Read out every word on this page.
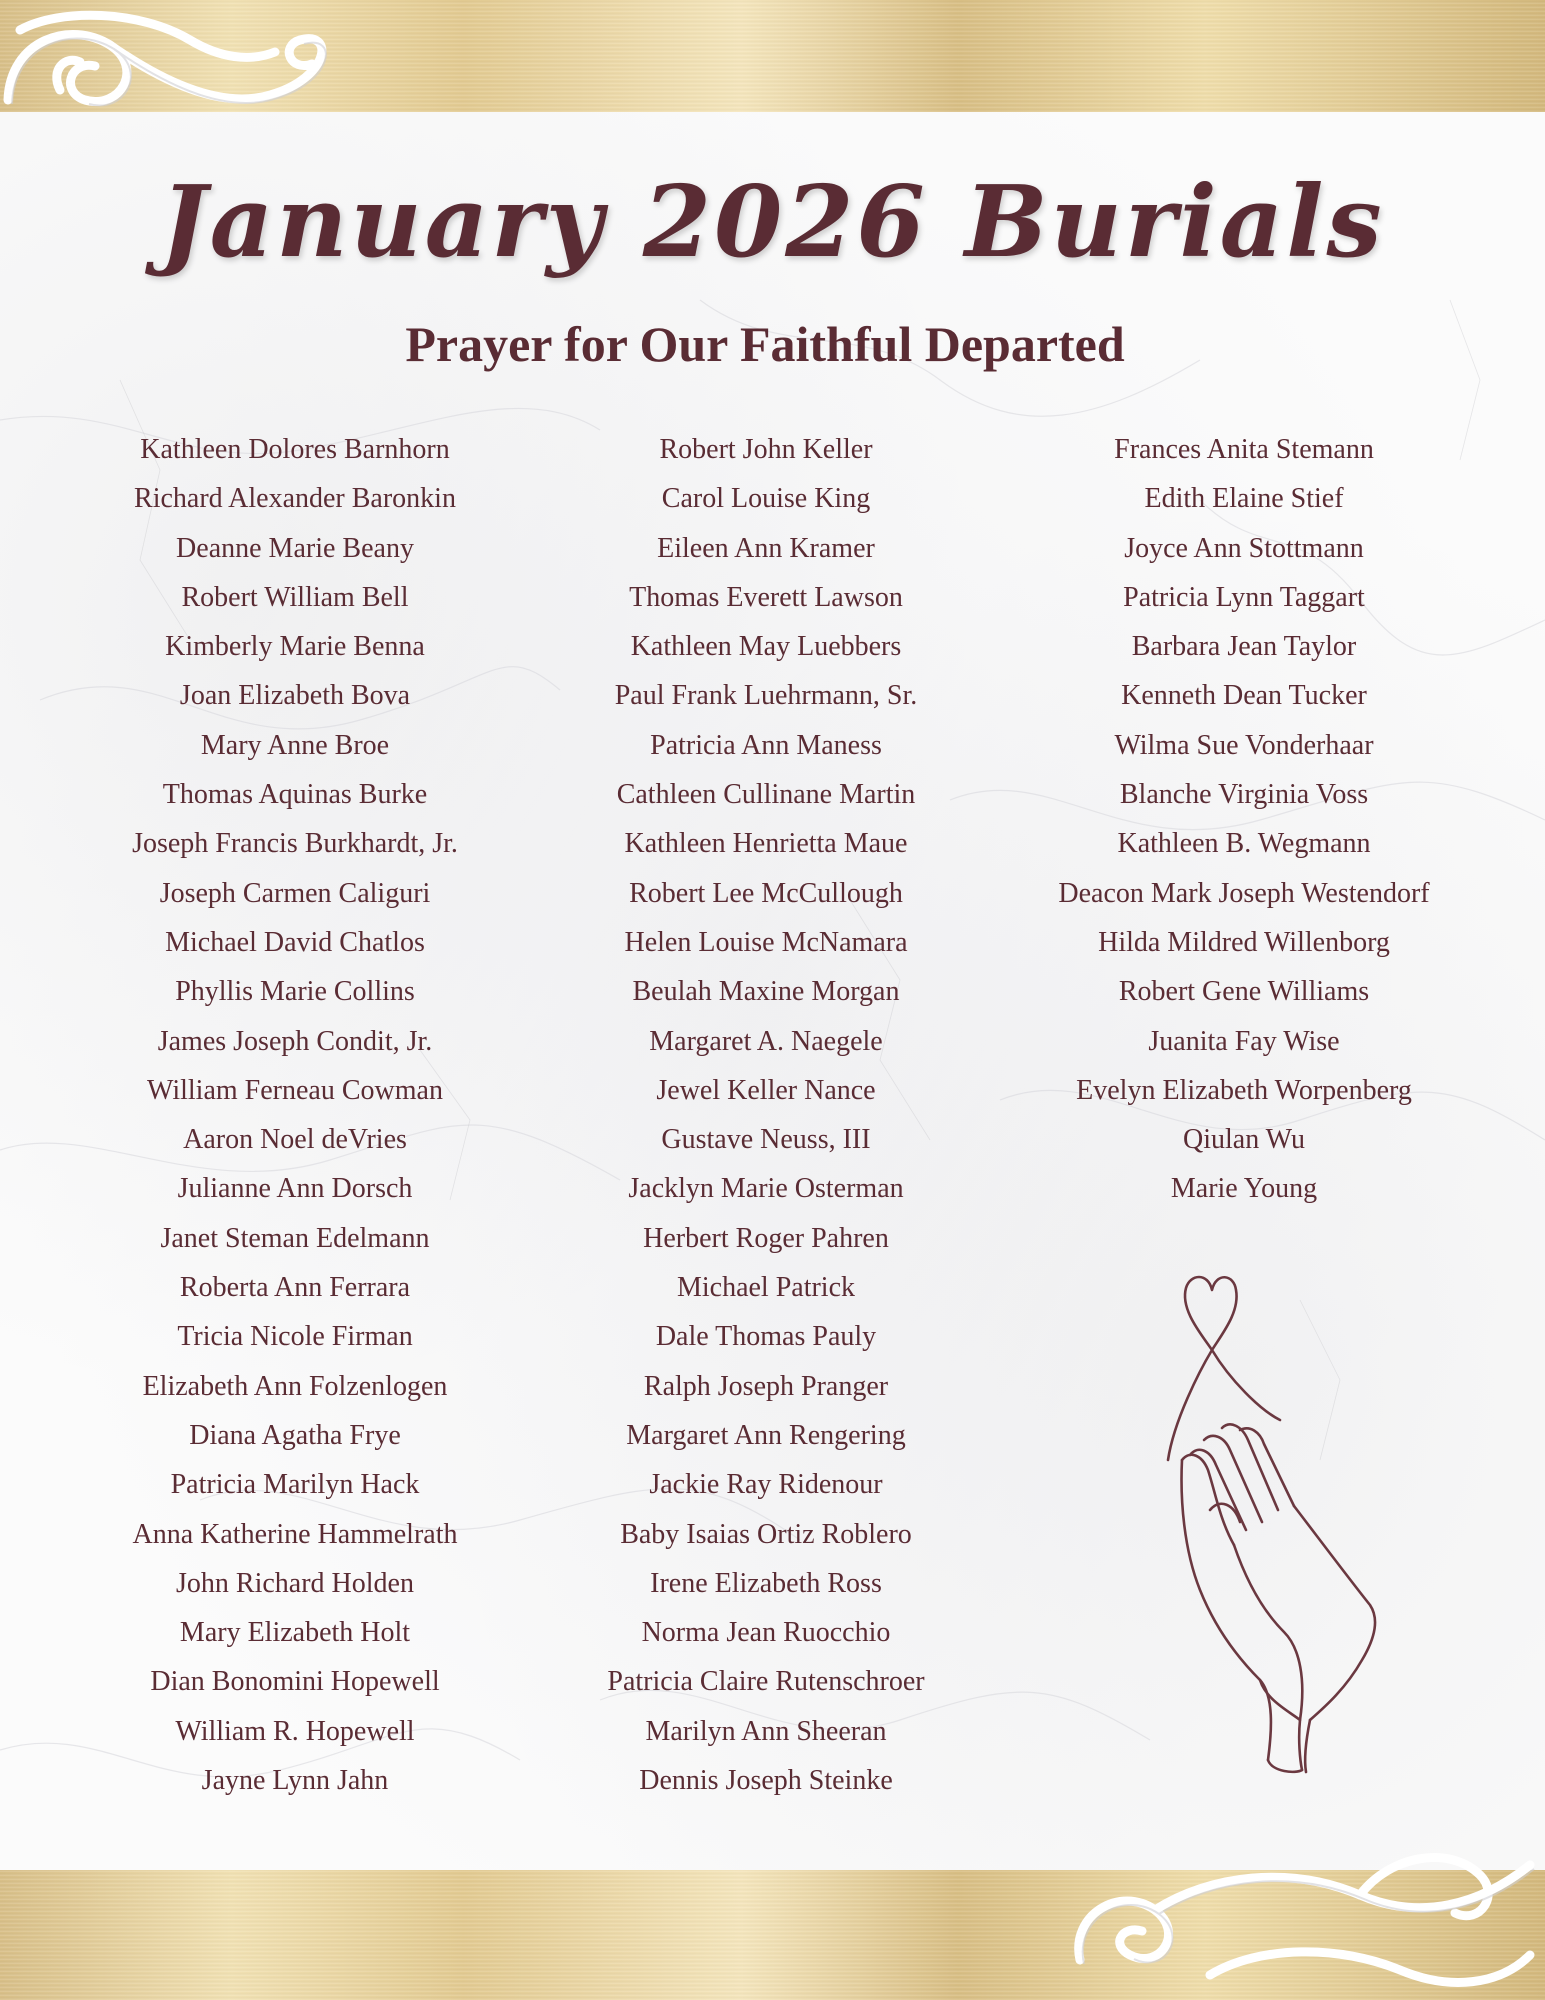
January 2026 Burials
Prayer for Our Faithful Departed
Kathleen Dolores Barnhorn
Richard Alexander Baronkin
Deanne Marie Beany
Robert William Bell
Kimberly Marie Benna
Joan Elizabeth Bova
Mary Anne Broe
Thomas Aquinas Burke
Joseph Francis Burkhardt, Jr.
Joseph Carmen Caliguri
Michael David Chatlos
Phyllis Marie Collins
James Joseph Condit, Jr.
William Ferneau Cowman
Aaron Noel deVries
Julianne Ann Dorsch
Janet Steman Edelmann
Roberta Ann Ferrara
Tricia Nicole Firman
Elizabeth Ann Folzenlogen
Diana Agatha Frye
Patricia Marilyn Hack
Anna Katherine Hammelrath
John Richard Holden
Mary Elizabeth Holt
Dian Bonomini Hopewell
William R. Hopewell
Jayne Lynn Jahn
Robert John Keller
Carol Louise King
Eileen Ann Kramer
Thomas Everett Lawson
Kathleen May Luebbers
Paul Frank Luehrmann, Sr.
Patricia Ann Maness
Cathleen Cullinane Martin
Kathleen Henrietta Maue
Robert Lee McCullough
Helen Louise McNamara
Beulah Maxine Morgan
Margaret A. Naegele
Jewel Keller Nance
Gustave Neuss, III
Jacklyn Marie Osterman
Herbert Roger Pahren
Michael Patrick
Dale Thomas Pauly
Ralph Joseph Pranger
Margaret Ann Rengering
Jackie Ray Ridenour
Baby Isaias Ortiz Roblero
Irene Elizabeth Ross
Norma Jean Ruocchio
Patricia Claire Rutenschroer
Marilyn Ann Sheeran
Dennis Joseph Steinke
Frances Anita Stemann
Edith Elaine Stief
Joyce Ann Stottmann
Patricia Lynn Taggart
Barbara Jean Taylor
Kenneth Dean Tucker
Wilma Sue Vonderhaar
Blanche Virginia Voss
Kathleen B. Wegmann
Deacon Mark Joseph Westendorf
Hilda Mildred Willenborg
Robert Gene Williams
Juanita Fay Wise
Evelyn Elizabeth Worpenberg
Qiulan Wu
Marie Young
